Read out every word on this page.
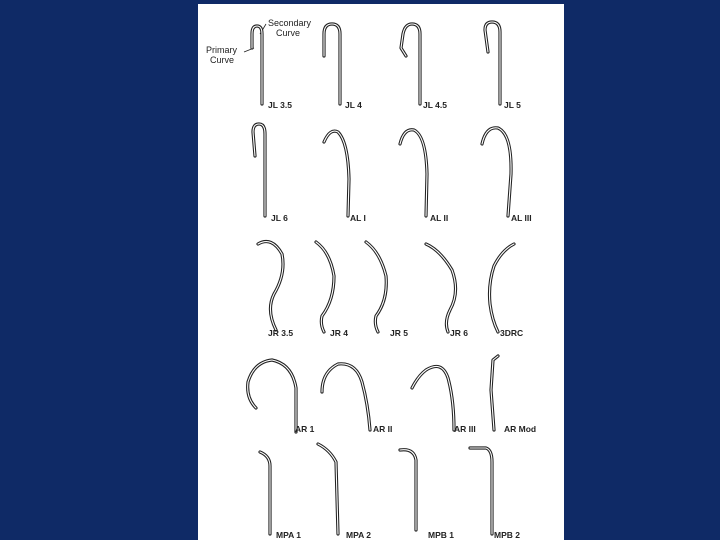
Secondary
Curve
Primary
Curve
JL 3.5	JL 4	JL 4.5	JL 5
JL 6	AL I	AL II	AL III
JR 3.5	JR 4	JR 5	JR 6	3DRC
AR 1	AR II	AR III	AR Mod
MPA 1	MPA 2	MPB 1	MPB 2
